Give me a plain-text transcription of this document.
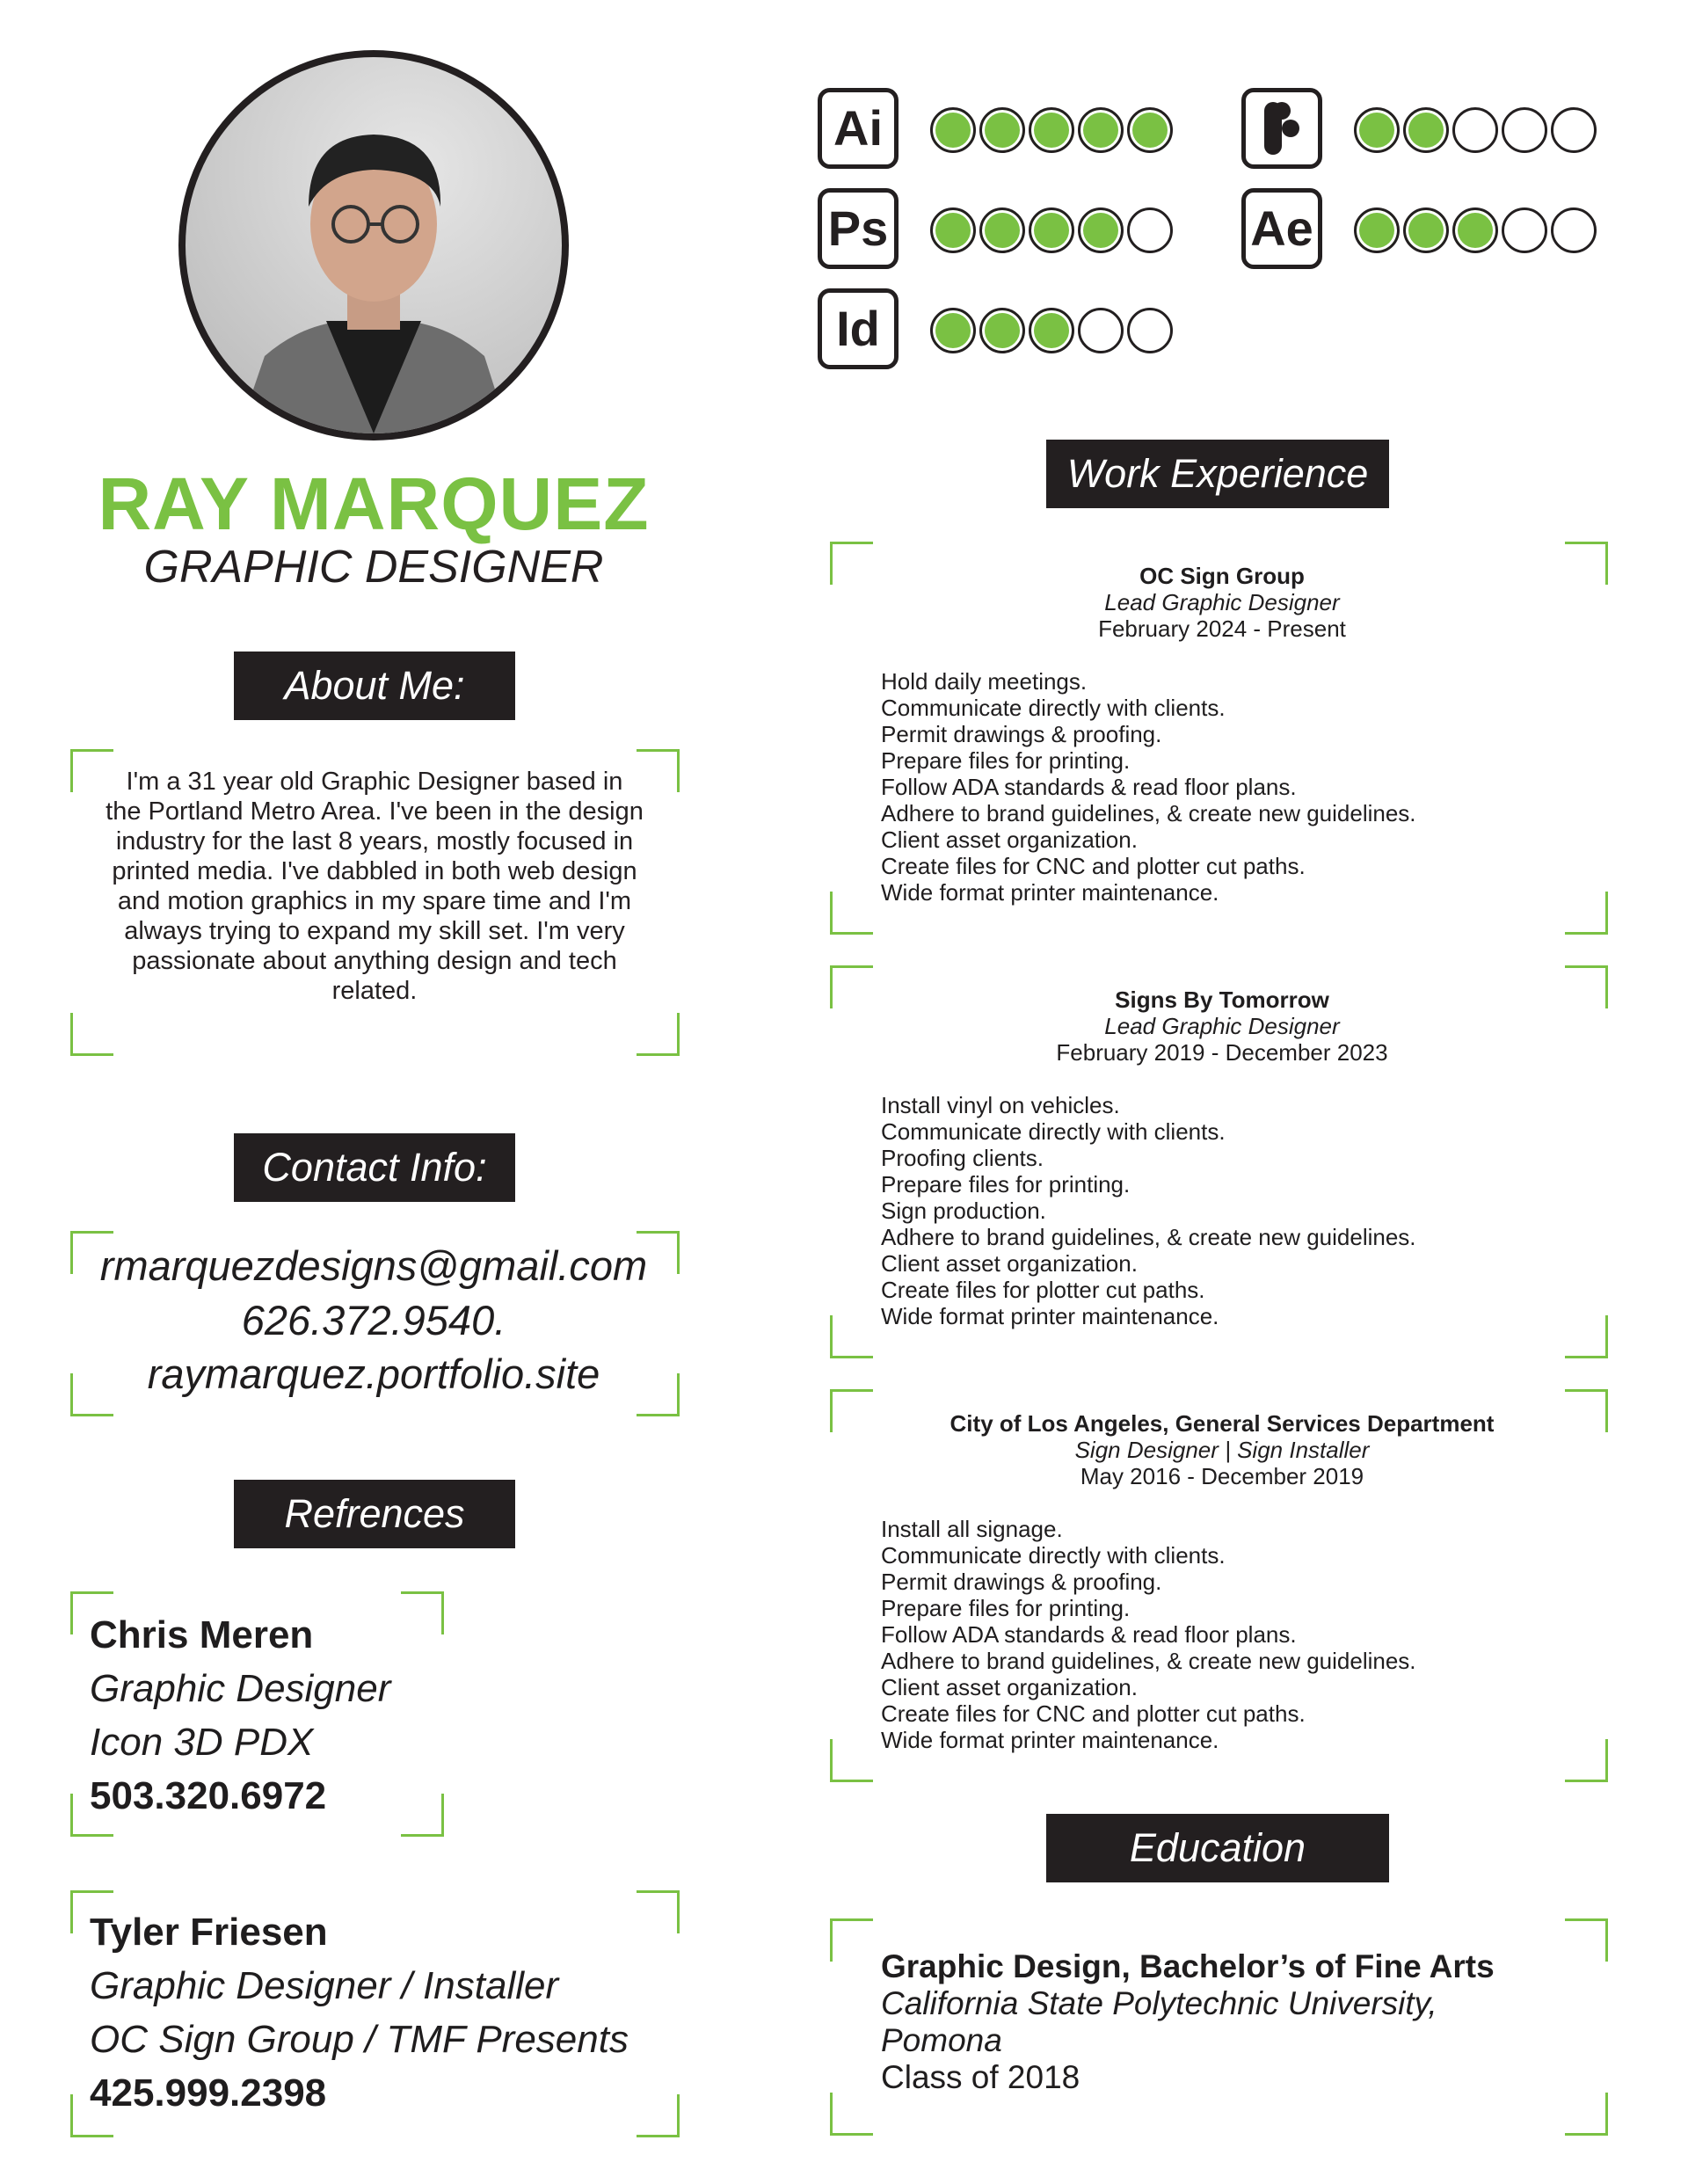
RAY MARQUEZ
GRAPHIC DESIGNER
About Me:
I'm a 31 year old Graphic Designer based in the Portland Metro Area. I've been in the design industry for the last 8 years, mostly focused in printed media. I've dabbled in both web design and motion graphics in my spare time and I'm always trying to expand my skill set. I'm very passionate about anything design and tech related.
Contact Info:
rmarquezdesigns@gmail.com
626.372.9540.
raymarquez.portfolio.site
Refrences
Chris Meren
Graphic Designer
Icon 3D PDX
503.320.6972
Tyler Friesen
Graphic Designer / Installer
OC Sign Group / TMF Presents
425.999.2398
Ai
Ps	Ae
Id
Work Experience
OC Sign Group
Lead Graphic Designer
February 2024 - Present
Hold daily meetings.
Communicate directly with clients.
Permit drawings & proofing.
Prepare files for printing.
Follow ADA standards & read floor plans.
Adhere to brand guidelines, & create new guidelines.
Client asset organization.
Create files for CNC and plotter cut paths.
Wide format printer maintenance.
Signs By Tomorrow
Lead Graphic Designer
February 2019 - December 2023
Install vinyl on vehicles.
Communicate directly with clients.
Proofing clients.
Prepare files for printing.
Sign production.
Adhere to brand guidelines, & create new guidelines.
Client asset organization.
Create files for plotter cut paths.
Wide format printer maintenance.
City of Los Angeles, General Services Department
Sign Designer | Sign Installer
May 2016 - December 2019
Install all signage.
Communicate directly with clients.
Permit drawings & proofing.
Prepare files for printing.
Follow ADA standards & read floor plans.
Adhere to brand guidelines, & create new guidelines.
Client asset organization.
Create files for CNC and plotter cut paths.
Wide format printer maintenance.
Education
Graphic Design, Bachelor’s of Fine Arts
California State Polytechnic University, Pomona
Class of 2018
